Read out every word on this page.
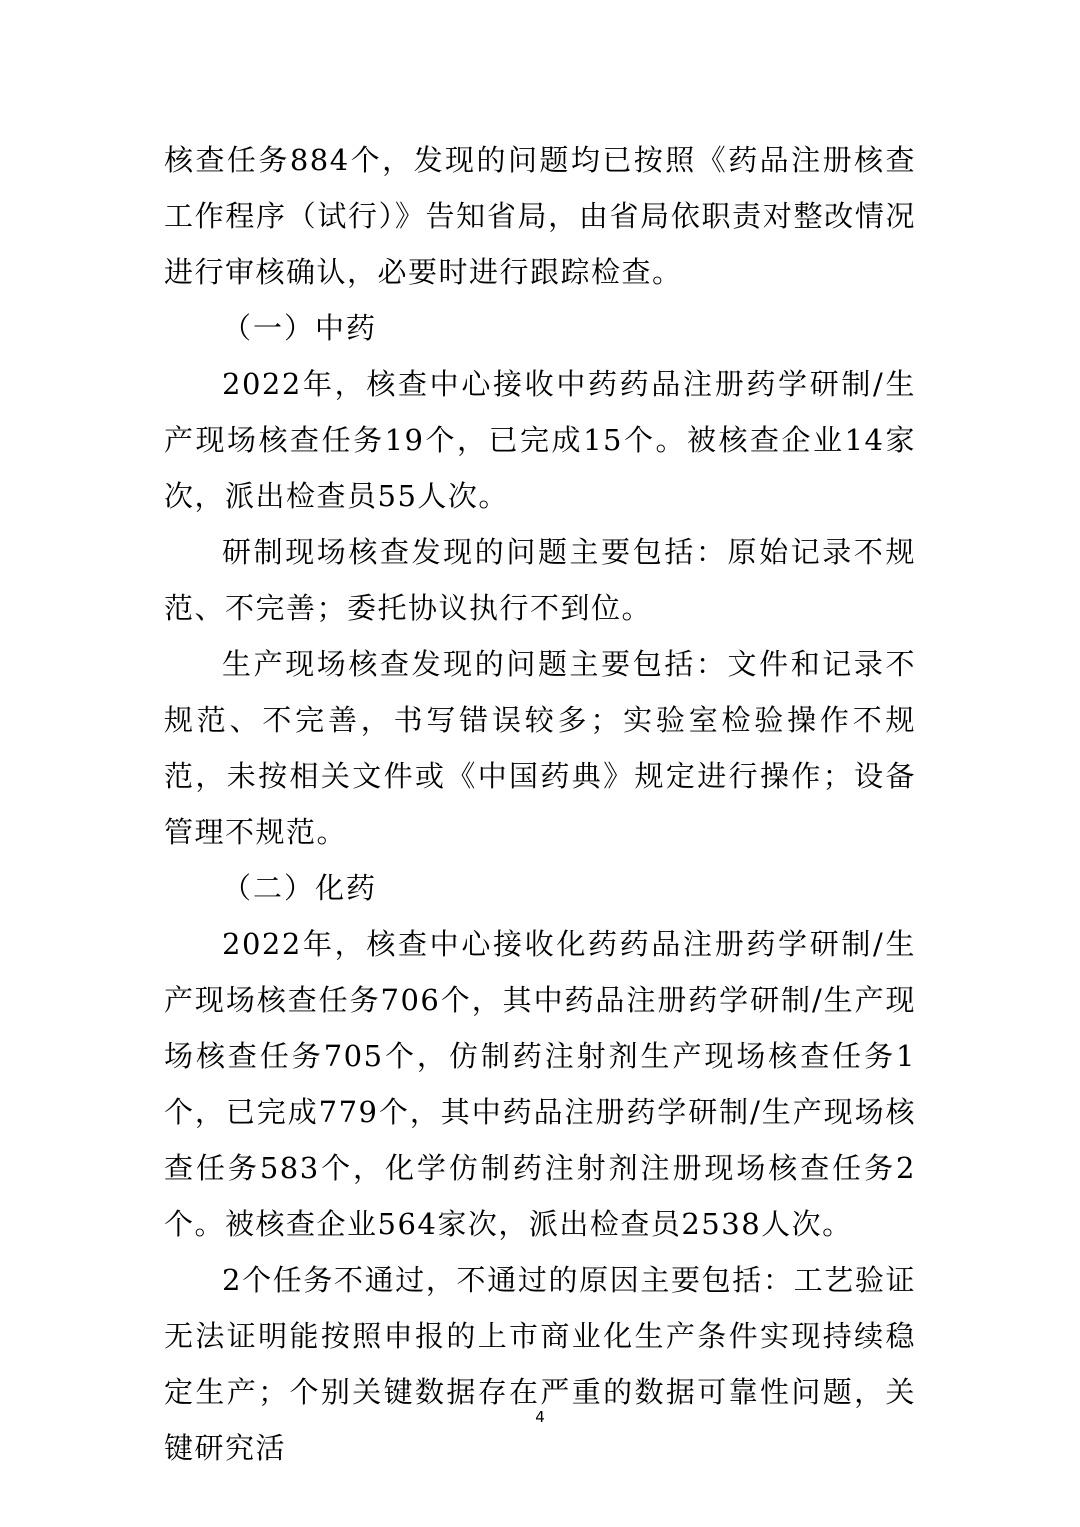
核查任务884个，发现的问题均已按照《药品注册核查工作程序（试行）》告知省局，由省局依职责对整改情况进行审核确认，必要时进行跟踪检查。

（一）中药

2022年，核查中心接收中药药品注册药学研制/生产现场核查任务19个，已完成15个。被核查企业14家次，派出检查员55人次。

研制现场核查发现的问题主要包括：原始记录不规范、不完善；委托协议执行不到位。

生产现场核查发现的问题主要包括：文件和记录不规范、不完善，书写错误较多；实验室检验操作不规范，未按相关文件或《中国药典》规定进行操作；设备管理不规范。

（二）化药

2022年，核查中心接收化药药品注册药学研制/生产现场核查任务706个，其中药品注册药学研制/生产现场核查任务705个，仿制药注射剂生产现场核查任务1个，已完成779个，其中药品注册药学研制/生产现场核查任务583个，化学仿制药注射剂注册现场核查任务2个。被核查企业564家次，派出检查员2538人次。

2个任务不通过，不通过的原因主要包括：工艺验证无法证明能按照申报的上市商业化生产条件实现持续稳定生产；个别关键数据存在严重的数据可靠性问题，关键研究活

4
